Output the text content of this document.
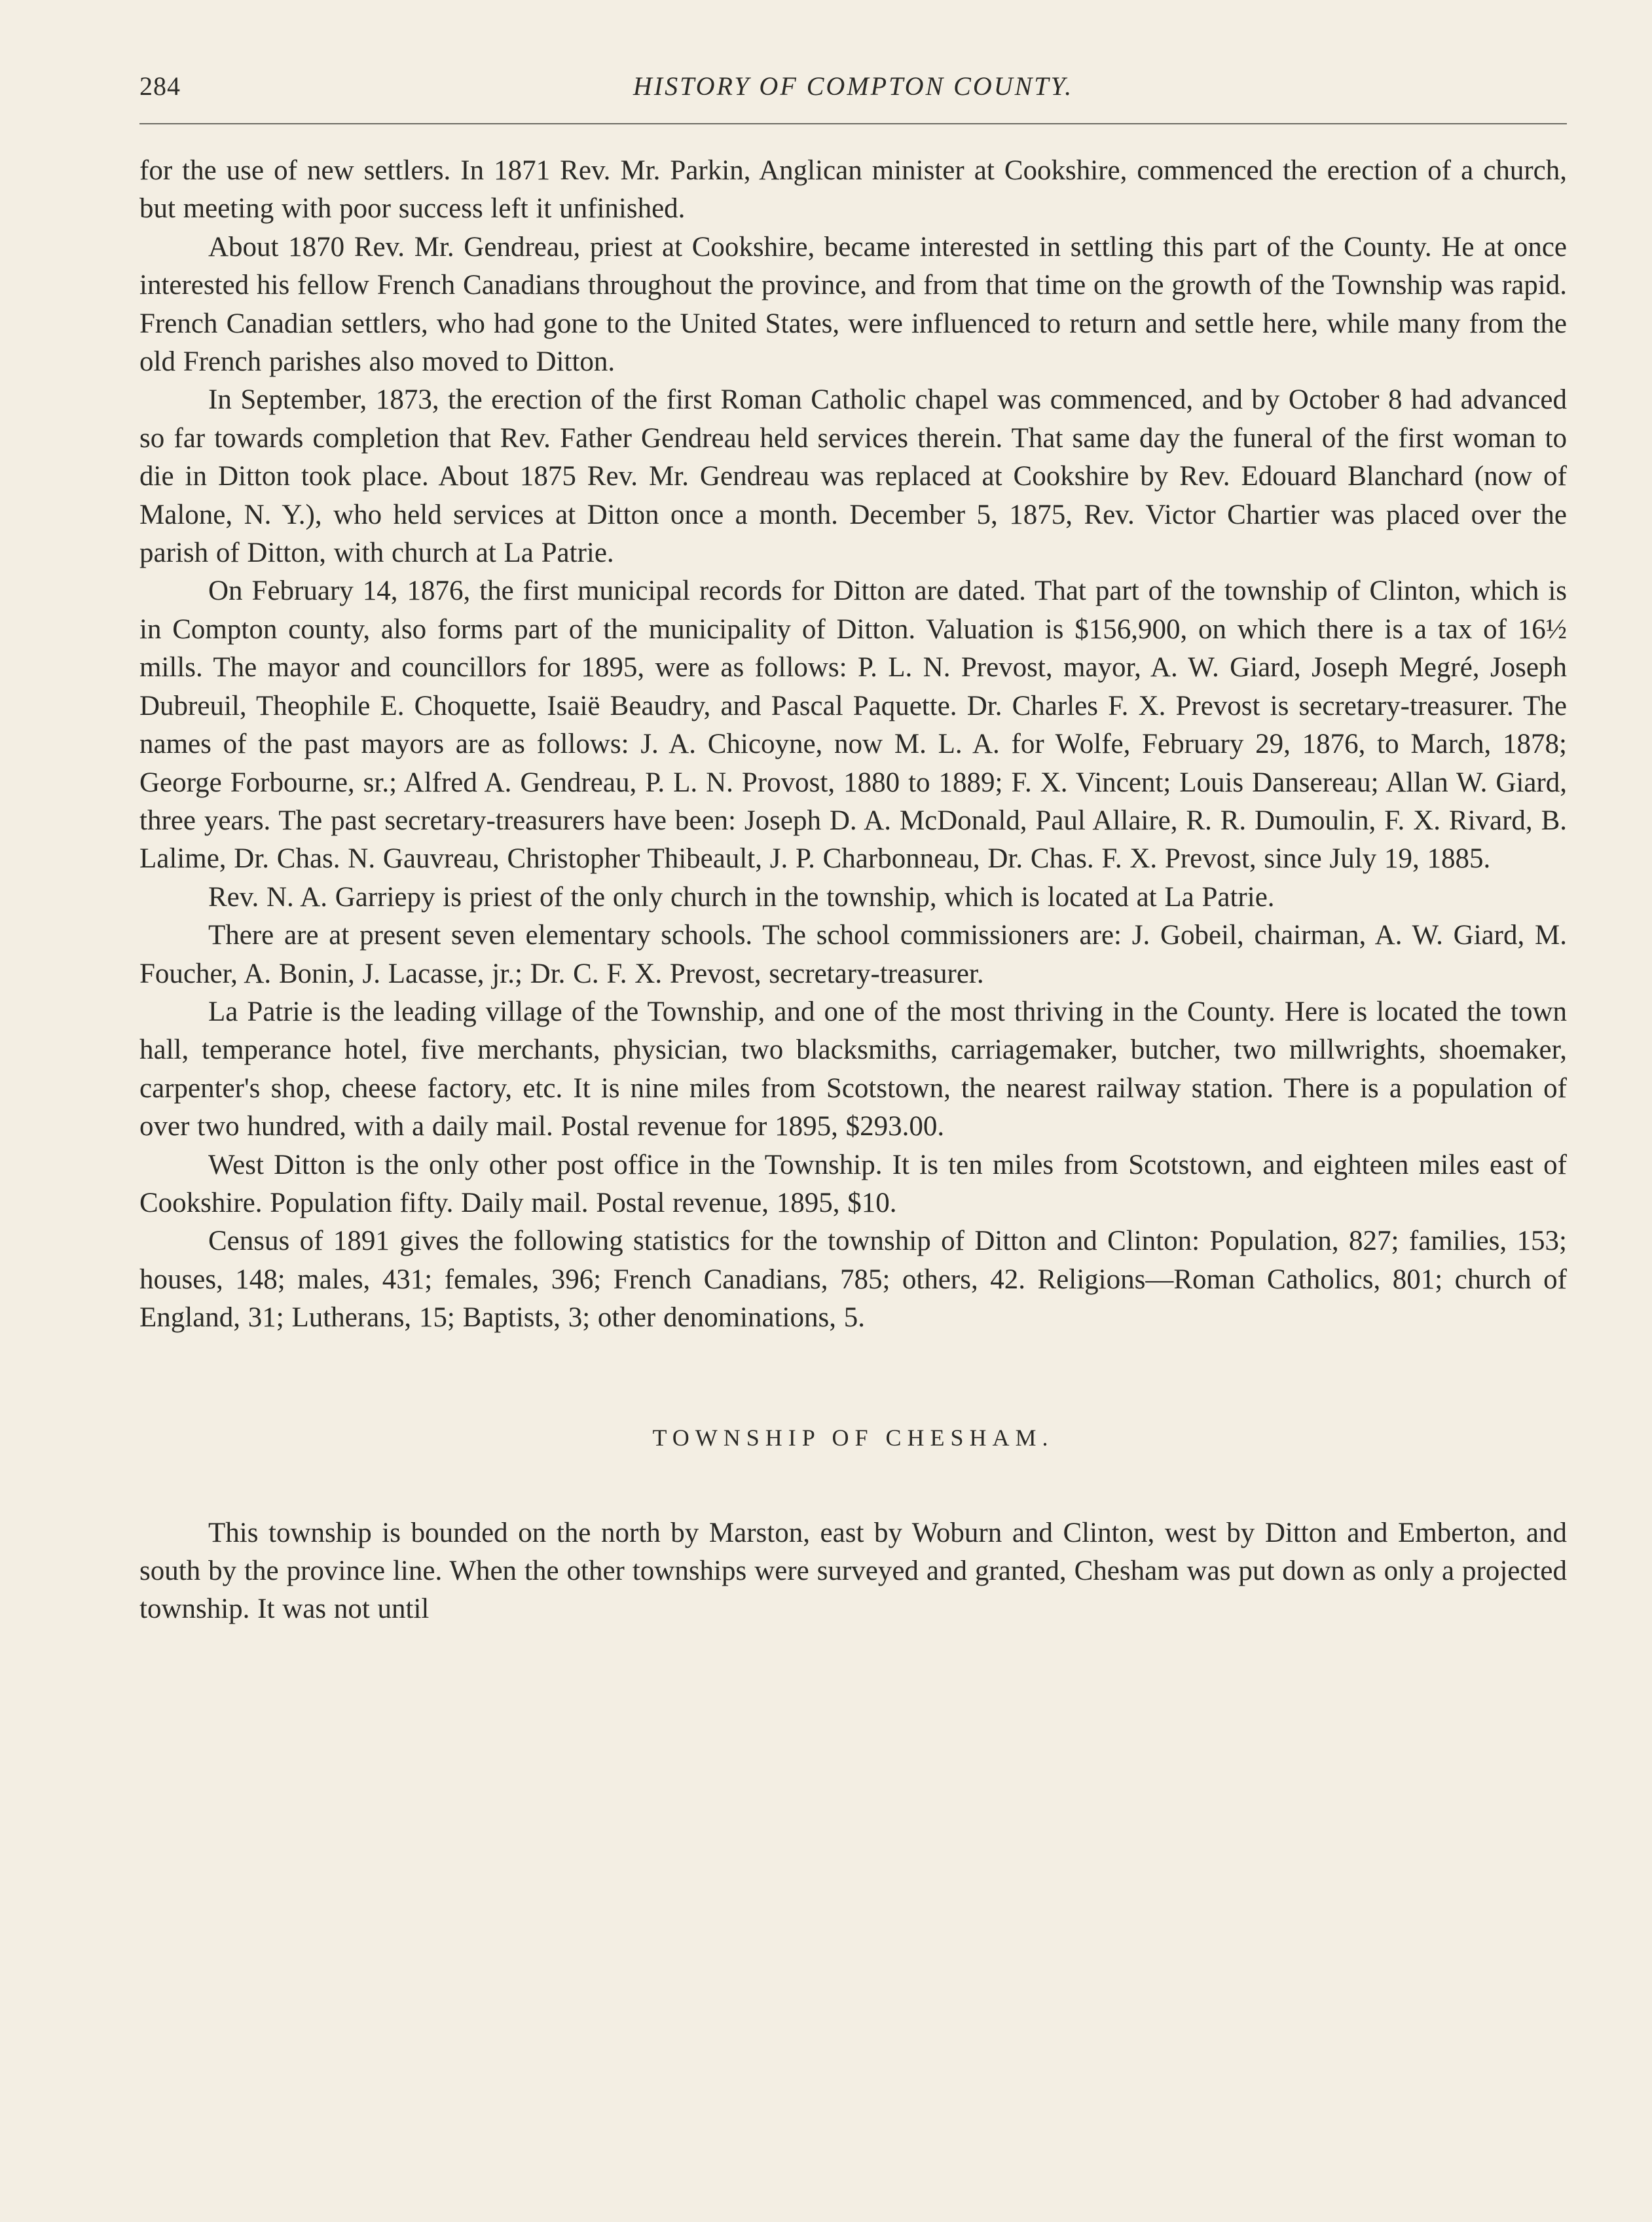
284	HISTORY OF COMPTON COUNTY.

for the use of new settlers. In 1871 Rev. Mr. Parkin, Anglican minister at Cookshire, commenced the erection of a church, but meeting with poor success left it unfinished.

About 1870 Rev. Mr. Gendreau, priest at Cookshire, became interested in settling this part of the County. He at once interested his fellow French Canadians throughout the province, and from that time on the growth of the Township was rapid. French Canadian settlers, who had gone to the United States, were influenced to return and settle here, while many from the old French parishes also moved to Ditton.

In September, 1873, the erection of the first Roman Catholic chapel was commenced, and by October 8 had advanced so far towards completion that Rev. Father Gendreau held services therein. That same day the funeral of the first woman to die in Ditton took place. About 1875 Rev. Mr. Gendreau was replaced at Cookshire by Rev. Edouard Blanchard (now of Malone, N. Y.), who held services at Ditton once a month. December 5, 1875, Rev. Victor Chartier was placed over the parish of Ditton, with church at La Patrie.

On February 14, 1876, the first municipal records for Ditton are dated. That part of the township of Clinton, which is in Compton county, also forms part of the municipality of Ditton. Valuation is $156,900, on which there is a tax of 16½ mills. The mayor and councillors for 1895, were as follows: P. L. N. Prevost, mayor, A. W. Giard, Joseph Megré, Joseph Dubreuil, Theophile E. Choquette, Isaië Beaudry, and Pascal Paquette. Dr. Charles F. X. Prevost is secretary-treasurer. The names of the past mayors are as follows: J. A. Chicoyne, now M. L. A. for Wolfe, February 29, 1876, to March, 1878; George Forbourne, sr.; Alfred A. Gendreau, P. L. N. Provost, 1880 to 1889; F. X. Vincent; Louis Dansereau; Allan W. Giard, three years. The past secretary-treasurers have been: Joseph D. A. McDonald, Paul Allaire, R. R. Dumoulin, F. X. Rivard, B. Lalime, Dr. Chas. N. Gauvreau, Christopher Thibeault, J. P. Charbonneau, Dr. Chas. F. X. Prevost, since July 19, 1885.

Rev. N. A. Garriepy is priest of the only church in the township, which is located at La Patrie.

There are at present seven elementary schools. The school commissioners are: J. Gobeil, chairman, A. W. Giard, M. Foucher, A. Bonin, J. Lacasse, jr.; Dr. C. F. X. Prevost, secretary-treasurer.

La Patrie is the leading village of the Township, and one of the most thriving in the County. Here is located the town hall, temperance hotel, five merchants, physician, two blacksmiths, carriagemaker, butcher, two millwrights, shoemaker, carpenter's shop, cheese factory, etc. It is nine miles from Scotstown, the nearest railway station. There is a population of over two hundred, with a daily mail. Postal revenue for 1895, $293.00.

West Ditton is the only other post office in the Township. It is ten miles from Scotstown, and eighteen miles east of Cookshire. Population fifty. Daily mail. Postal revenue, 1895, $10.

Census of 1891 gives the following statistics for the township of Ditton and Clinton: Population, 827; families, 153; houses, 148; males, 431; females, 396; French Canadians, 785; others, 42. Religions—Roman Catholics, 801; church of England, 31; Lutherans, 15; Baptists, 3; other denominations, 5.

TOWNSHIP OF CHESHAM.

This township is bounded on the north by Marston, east by Woburn and Clinton, west by Ditton and Emberton, and south by the province line. When the other townships were surveyed and granted, Chesham was put down as only a projected township. It was not until
